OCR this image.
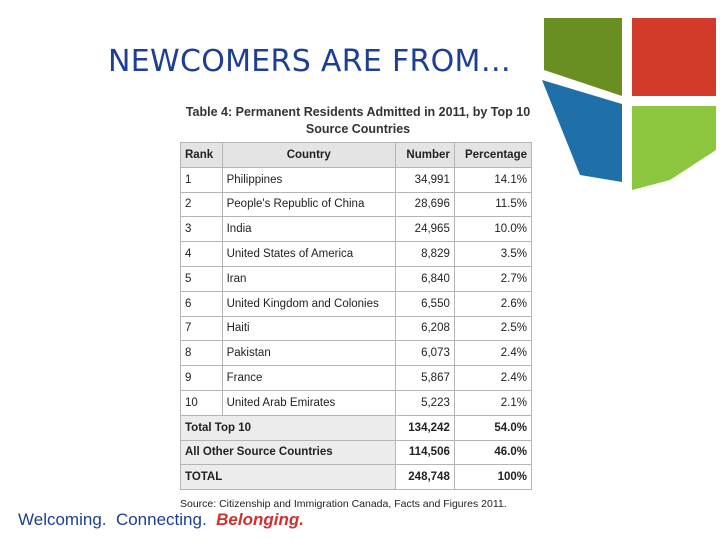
NEWCOMERS ARE FROM…
Table 4: Permanent Residents Admitted in 2011, by Top 10
Source Countries
Rank	Country	Number	Percentage
1	Philippines	34,991	14.1%
2	People's Republic of China	28,696	11.5%
3	India	24,965	10.0%
4	United States of America	8,829	3.5%
5	Iran	6,840	2.7%
6	United Kingdom and Colonies	6,550	2.6%
7	Haiti	6,208	2.5%
8	Pakistan	6,073	2.4%
9	France	5,867	2.4%
10	United Arab Emirates	5,223	2.1%
Total Top 10		134,242	54.0%
All Other Source Countries		114,506	46.0%
TOTAL		248,748	100%
Source: Citizenship and Immigration Canada, Facts and Figures 2011.
Welcoming. Connecting. Belonging.
